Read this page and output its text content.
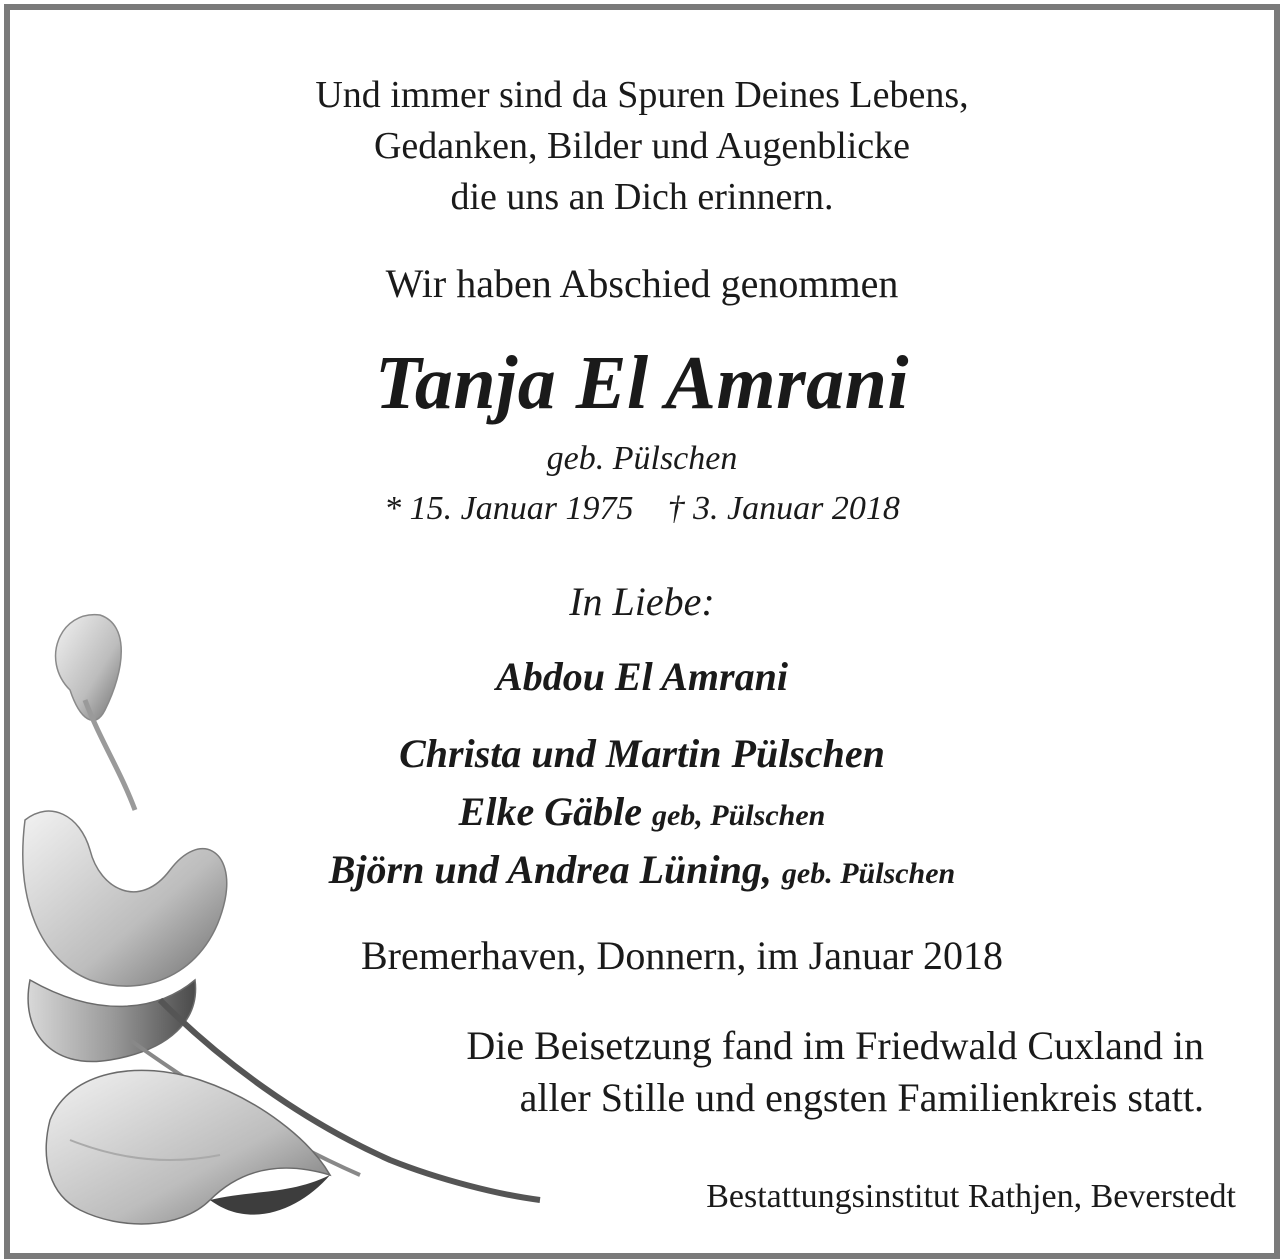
Und immer sind da Spuren Deines Lebens,
Gedanken, Bilder und Augenblicke
die uns an Dich erinnern.
Wir haben Abschied genommen
Tanja El Amrani
geb. Pülschen
* 15. Januar 1975 † 3. Januar 2018
In Liebe:
Abdou El Amrani
Christa und Martin Pülschen
Elke Gäble geb, Pülschen
Björn und Andrea Lüning, geb. Pülschen
Bremerhaven, Donnern, im Januar 2018
Die Beisetzung fand im Friedwald Cuxland in
aller Stille und engsten Familienkreis statt.
Bestattungsinstitut Rathjen, Beverstedt
